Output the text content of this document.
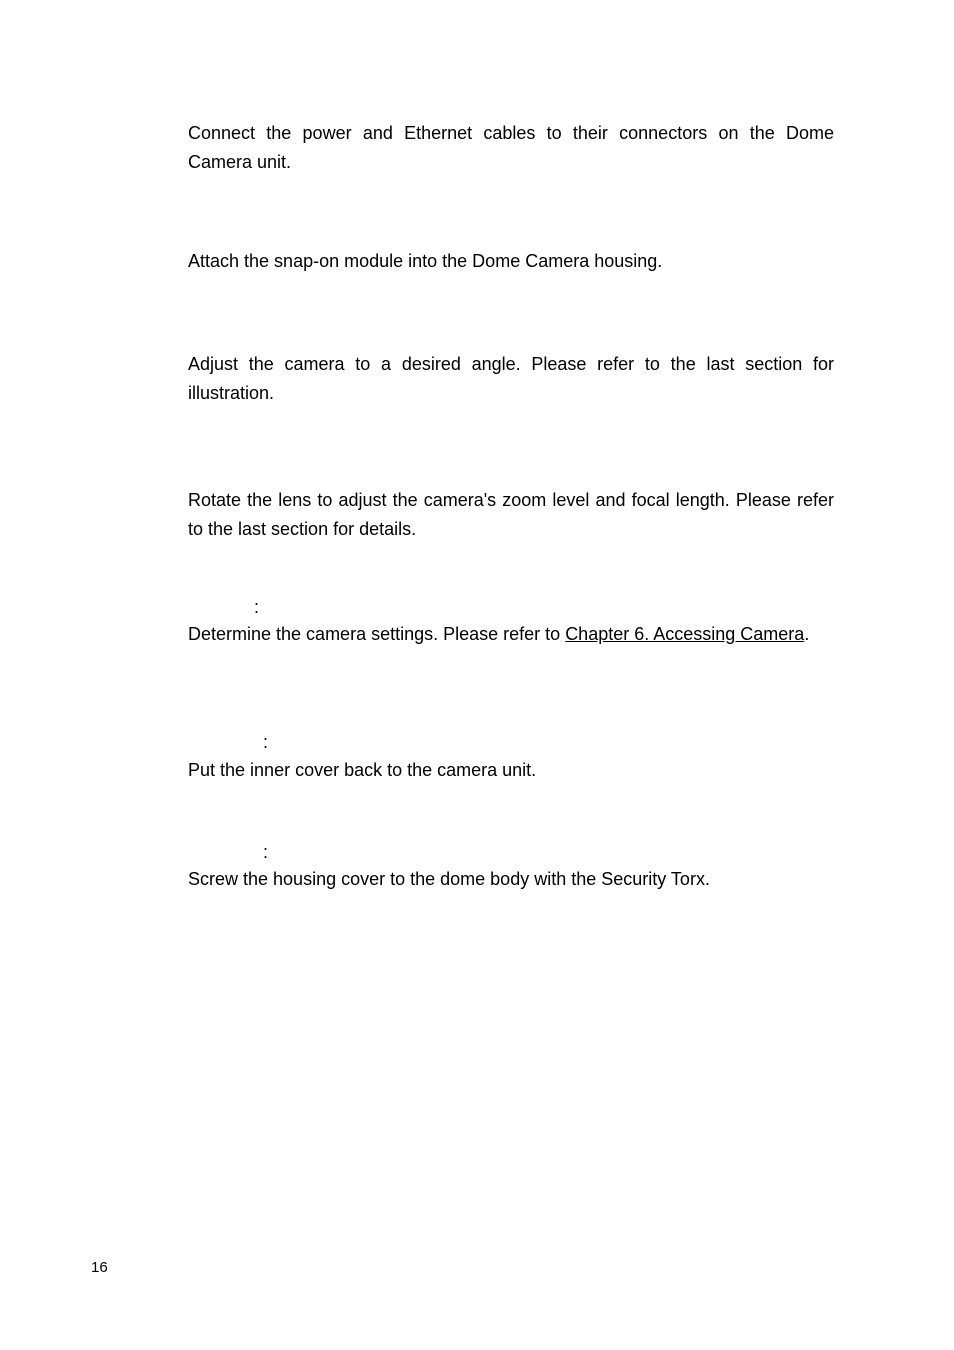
Connect the power and Ethernet cables to their connectors on the Dome Camera unit.

Attach the snap-on module into the Dome Camera housing.

Adjust the camera to a desired angle. Please refer to the last section for illustration.

Rotate the lens to adjust the camera's zoom level and focal length. Please refer to the last section for details.

:

Determine the camera settings. Please refer to Chapter 6. Accessing Camera.

:

Put the inner cover back to the camera unit.

:

Screw the housing cover to the dome body with the Security Torx.

16
